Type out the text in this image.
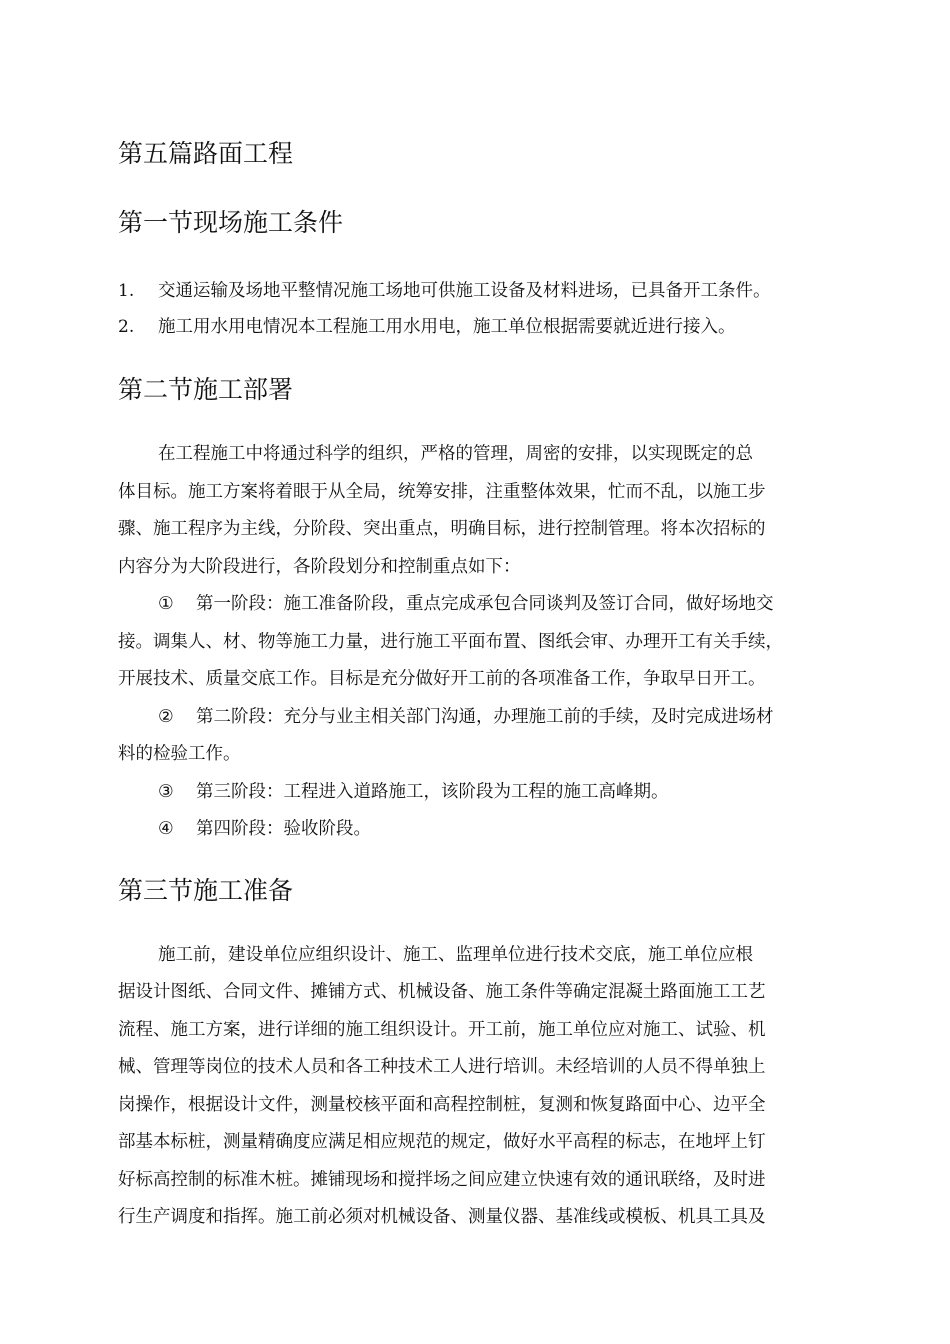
第五篇路面工程
第一节现场施工条件
1. 交通运输及场地平整情况施工场地可供施工设备及材料进场，已具备开工条件。

2. 施工用水用电情况本工程施工用水用电，施工单位根据需要就近进行接入。

第二节施工部署

在工程施工中将通过科学的组织，严格的管理，周密的安排，以实现既定的总

体目标。施工方案将着眼于从全局，统筹安排，注重整体效果，忙而不乱，以施工步

骤、施工程序为主线，分阶段、突出重点，明确目标，进行控制管理。将本次招标的

内容分为大阶段进行，各阶段划分和控制重点如下：

① 第一阶段：施工准备阶段，重点完成承包合同谈判及签订合同，做好场地交

接。调集人、材、物等施工力量，进行施工平面布置、图纸会审、办理开工有关手续，

开展技术、质量交底工作。目标是充分做好开工前的各项准备工作，争取早日开工。

② 第二阶段：充分与业主相关部门沟通，办理施工前的手续，及时完成进场材

料的检验工作。

③ 第三阶段：工程进入道路施工，该阶段为工程的施工高峰期。

④ 第四阶段：验收阶段。

第三节施工准备

施工前，建设单位应组织设计、施工、监理单位进行技术交底，施工单位应根

据设计图纸、合同文件、摊铺方式、机械设备、施工条件等确定混凝土路面施工工艺

流程、施工方案，进行详细的施工组织设计。开工前，施工单位应对施工、试验、机

械、管理等岗位的技术人员和各工种技术工人进行培训。未经培训的人员不得单独上

岗操作，根据设计文件，测量校核平面和高程控制桩，复测和恢复路面中心、边平全

部基本标桩，测量精确度应满足相应规范的规定，做好水平高程的标志，在地坪上钉

好标高控制的标准木桩。摊铺现场和搅拌场之间应建立快速有效的通讯联络，及时进

行生产调度和指挥。施工前必须对机械设备、测量仪器、基准线或模板、机具工具及
